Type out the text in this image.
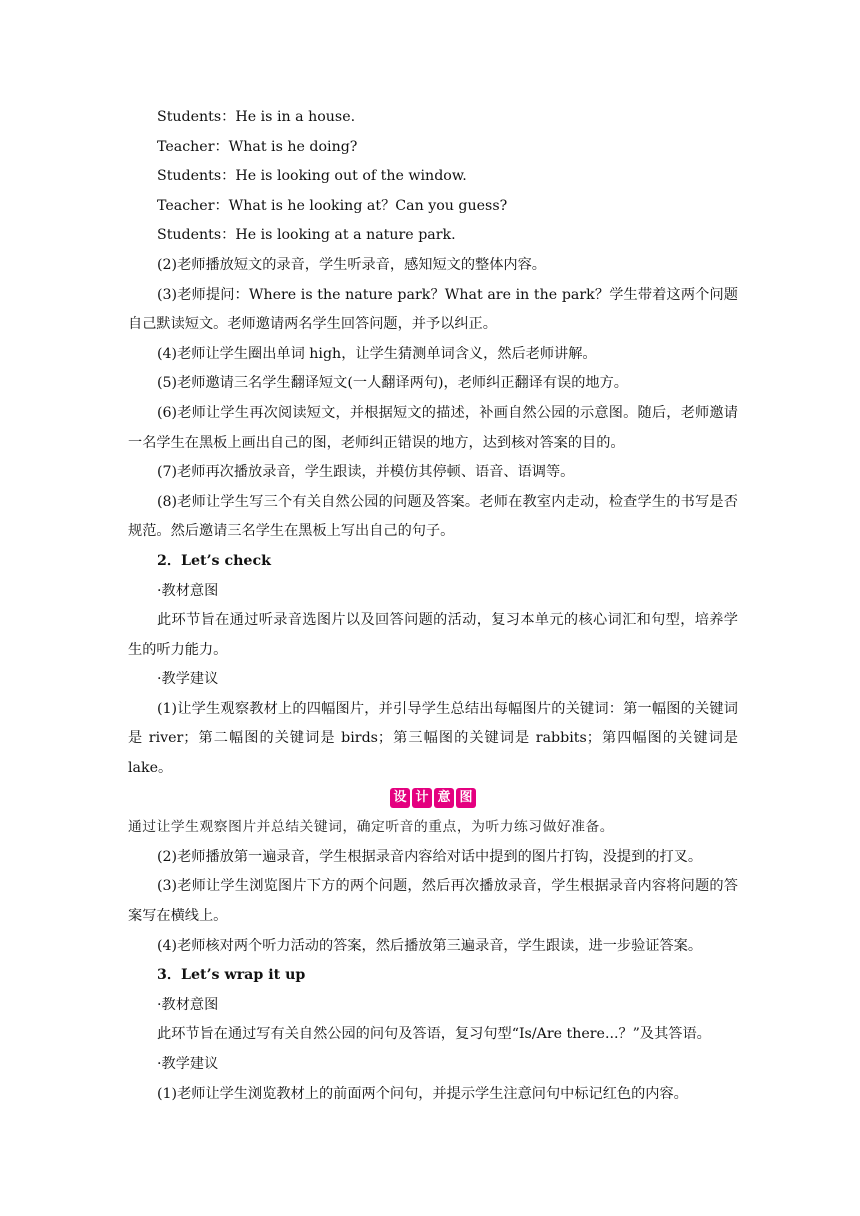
Students：He is in a house.

Teacher：What is he doing?

Students：He is looking out of the window.

Teacher：What is he looking at？Can you guess?

Students：He is looking at a nature park.

(2)老师播放短文的录音，学生听录音，感知短文的整体内容。

(3)老师提问：Where is the nature park？What are in the park？学生带着这两个问题自己默读短文。老师邀请两名学生回答问题，并予以纠正。

(4)老师让学生圈出单词 high，让学生猜测单词含义，然后老师讲解。

(5)老师邀请三名学生翻译短文(一人翻译两句)，老师纠正翻译有误的地方。

(6)老师让学生再次阅读短文，并根据短文的描述，补画自然公园的示意图。随后，老师邀请一名学生在黑板上画出自己的图，老师纠正错误的地方，达到核对答案的目的。

(7)老师再次播放录音，学生跟读，并模仿其停顿、语音、语调等。

(8)老师让学生写三个有关自然公园的问题及答案。老师在教室内走动，检查学生的书写是否规范。然后邀请三名学生在黑板上写出自己的句子。

2．Let’s check

·教材意图

此环节旨在通过听录音选图片以及回答问题的活动，复习本单元的核心词汇和句型，培养学生的听力能力。

·教学建议

(1)让学生观察教材上的四幅图片，并引导学生总结出每幅图片的关键词：第一幅图的关键词是 river；第二幅图的关键词是 birds；第三幅图的关键词是 rabbits；第四幅图的关键词是 lake。

设 计 意 图

通过让学生观察图片并总结关键词，确定听音的重点，为听力练习做好准备。

(2)老师播放第一遍录音，学生根据录音内容给对话中提到的图片打钩，没提到的打叉。

(3)老师让学生浏览图片下方的两个问题，然后再次播放录音，学生根据录音内容将问题的答案写在横线上。

(4)老师核对两个听力活动的答案，然后播放第三遍录音，学生跟读，进一步验证答案。

3．Let’s wrap it up

·教材意图

此环节旨在通过写有关自然公园的问句及答语，复习句型“Is/Are there...？”及其答语。

·教学建议

(1)老师让学生浏览教材上的前面两个问句，并提示学生注意问句中标记红色的内容。
